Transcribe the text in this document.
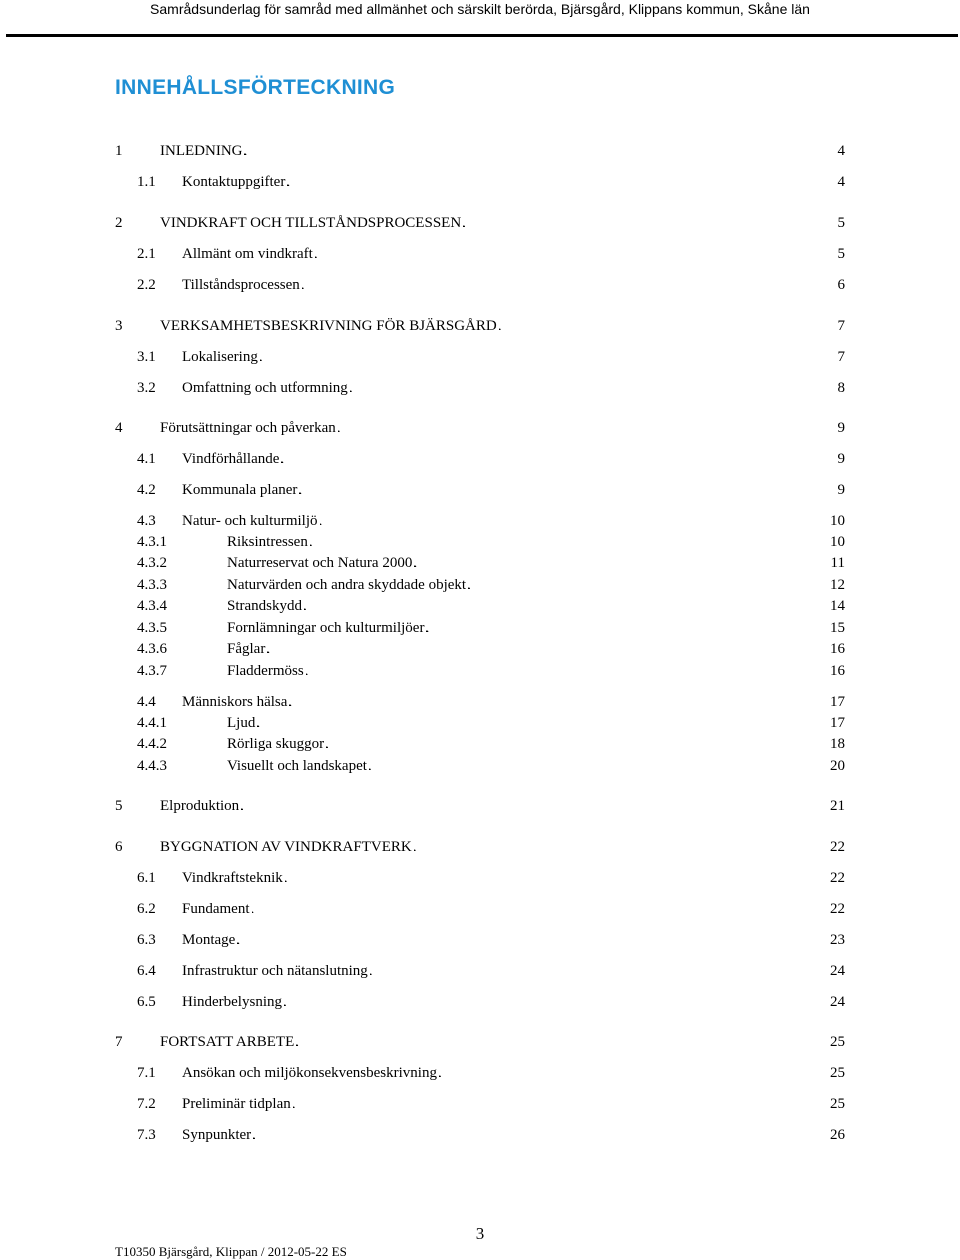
Samrådsunderlag för samråd med allmänhet och särskilt berörda, Bjärsgård, Klippans kommun, Skåne län
INNEHÅLLSFÖRTECKNING
1	INLEDNING . . .	4
1.1 Kontaktuppgifter . . .	4
2	VINDKRAFT OCH TILLSTÅNDSPROCESSEN . . .	5
2.1 Allmänt om vindkraft . . .	5
2.2 Tillståndsprocessen . . .	6
3	VERKSAMHETSBESKRIVNING FÖR BJÄRSGÅRD . . .	7
3.1 Lokalisering . . .	7
3.2 Omfattning och utformning . . .	8
4	Förutsättningar och påverkan . . .	9
4.1 Vindförhållande . . .	9
4.2 Kommunala planer . . .	9
4.3 Natur- och kulturmiljö . . .	10
4.3.1	Riksintressen . . .	10
4.3.2	Naturreservat och Natura 2000 . . .	11
4.3.3	Naturvärden och andra skyddade objekt . . .	12
4.3.4	Strandskydd . . .	14
4.3.5	Fornlämningar och kulturmiljöer . . .	15
4.3.6	Fåglar . . .	16
4.3.7	Fladdermöss . . .	16
4.4 Människors hälsa . . .	17
4.4.1	Ljud . . .	17
4.4.2	Rörliga skuggor . . .	18
4.4.3	Visuellt och landskapet . . .	20
5	Elproduktion . . .	21
6	BYGGNATION AV VINDKRAFTVERK . . .	22
6.1 Vindkraftsteknik . . .	22
6.2 Fundament . . .	22
6.3 Montage . . .	23
6.4 Infrastruktur och nätanslutning . . .	24
6.5 Hinderbelysning . . .	24
7	FORTSATT ARBETE . . .	25
7.1 Ansökan och miljökonsekvensbeskrivning . . .	25
7.2 Preliminär tidplan . . .	25
7.3 Synpunkter . . .	26
3
T10350 Bjärsgård, Klippan / 2012-05-22 ES
